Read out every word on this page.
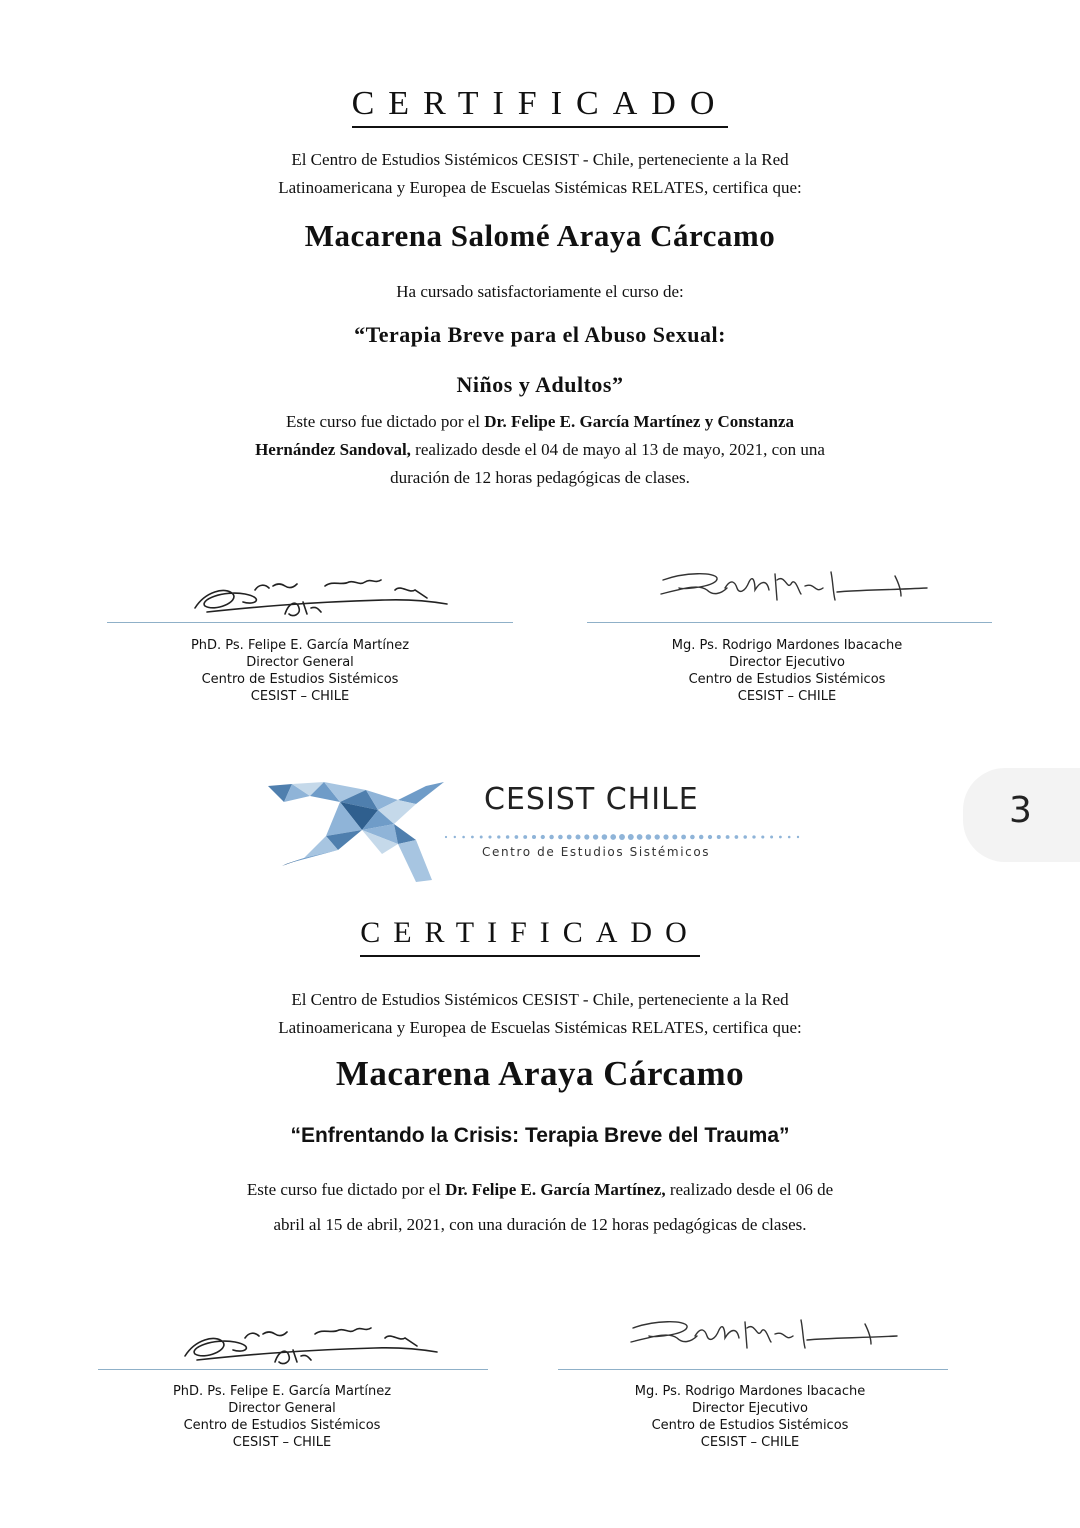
CERTIFICADO
El Centro de Estudios Sistémicos CESIST - Chile, perteneciente a la Red
Latinoamericana y Europea de Escuelas Sistémicas RELATES, certifica que:
Macarena Salomé Araya Cárcamo
Ha cursado satisfactoriamente el curso de:
“Terapia Breve para el Abuso Sexual:
Niños y Adultos”
Este curso fue dictado por el Dr. Felipe E. García Martínez y Constanza
Hernández Sandoval, realizado desde el 04 de mayo al 13 de mayo, 2021, con una
duración de 12 horas pedagógicas de clases.
PhD. Ps. Felipe E. García Martínez
Director General
Centro de Estudios Sistémicos
CESIST – CHILE
Mg. Ps. Rodrigo Mardones Ibacache
Director Ejecutivo
Centro de Estudios Sistémicos
CESIST – CHILE
CESIST CHILE
Centro de Estudios Sistémicos
3
CERTIFICADO
El Centro de Estudios Sistémicos CESIST - Chile, perteneciente a la Red
Latinoamericana y Europea de Escuelas Sistémicas RELATES, certifica que:
Macarena Araya Cárcamo
“Enfrentando la Crisis: Terapia Breve del Trauma”
Este curso fue dictado por el Dr. Felipe E. García Martínez, realizado desde el 06 de
abril al 15 de abril, 2021, con una duración de 12 horas pedagógicas de clases.
PhD. Ps. Felipe E. García Martínez
Director General
Centro de Estudios Sistémicos
CESIST – CHILE
Mg. Ps. Rodrigo Mardones Ibacache
Director Ejecutivo
Centro de Estudios Sistémicos
CESIST – CHILE
